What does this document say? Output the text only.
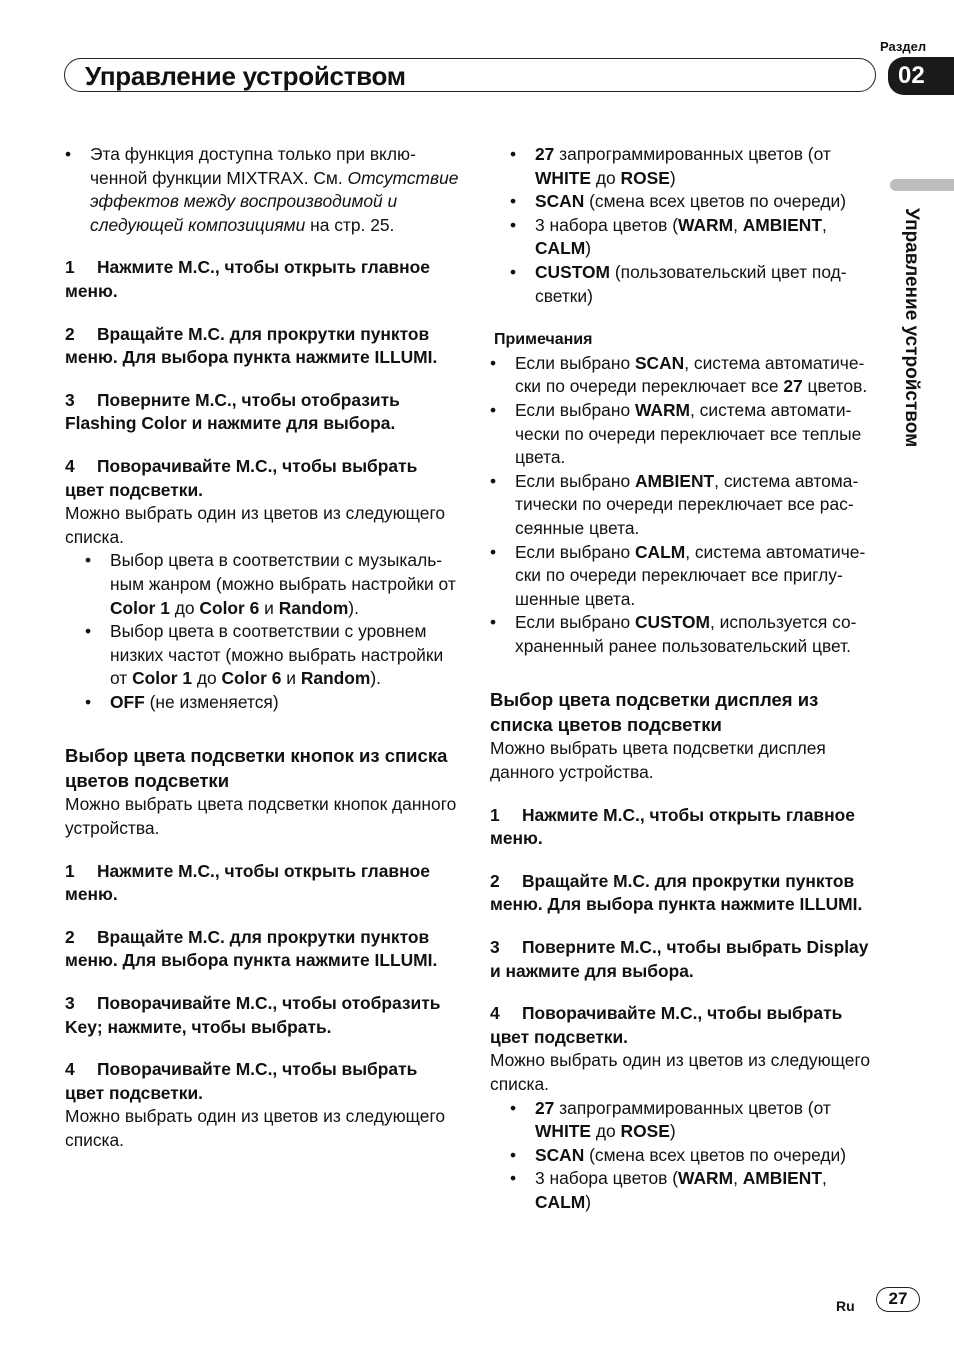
Раздел
Управление устройством	02
Управление устройством
• Эта функция доступна только при включенной функции MIXTRAX. См. Отсутствие эффектов между воспроизводимой и следующей композициями на стр. 25.

1 Нажмите M.C., чтобы открыть главное меню.

2 Вращайте M.C. для прокрутки пунктов меню. Для выбора пункта нажмите ILLUMI.

3 Поверните M.C., чтобы отобразить Flashing Color и нажмите для выбора.

4 Поворачивайте M.C., чтобы выбрать цвет подсветки.

Можно выбрать один из цветов из следующего списка.

• Выбор цвета в соответствии с музыкальным жанром (можно выбрать настройки от Color 1 до Color 6 и Random).
• Выбор цвета в соответствии с уровнем низких частот (можно выбрать настройки от Color 1 до Color 6 и Random).
• OFF (не изменяется)

Выбор цвета подсветки кнопок из списка цветов подсветки

Можно выбрать цвета подсветки кнопок данного устройства.

1 Нажмите M.C., чтобы открыть главное меню.

2 Вращайте M.C. для прокрутки пунктов меню. Для выбора пункта нажмите ILLUMI.

3 Поворачивайте M.C., чтобы отобразить Key; нажмите, чтобы выбрать.

4 Поворачивайте M.C., чтобы выбрать цвет подсветки.

Можно выбрать один из цветов из следующего списка.

• 27 запрограммированных цветов (от WHITE до ROSE)
• SCAN (смена всех цветов по очереди)
• 3 набора цветов (WARM, AMBIENT, CALM)
• CUSTOM (пользовательский цвет подсветки)

Примечания

• Если выбрано SCAN, система автоматически по очереди переключает все 27 цветов.
• Если выбрано WARM, система автоматически по очереди переключает все теплые цвета.
• Если выбрано AMBIENT, система автоматически по очереди переключает все рассеянные цвета.
• Если выбрано CALM, система автоматически по очереди переключает все приглушенные цвета.
• Если выбрано CUSTOM, используется сохраненный ранее пользовательский цвет.

Выбор цвета подсветки дисплея из списка цветов подсветки

Можно выбрать цвета подсветки дисплея данного устройства.

1 Нажмите M.C., чтобы открыть главное меню.

2 Вращайте M.C. для прокрутки пунктов меню. Для выбора пункта нажмите ILLUMI.

3 Поверните M.C., чтобы выбрать Display и нажмите для выбора.

4 Поворачивайте M.C., чтобы выбрать цвет подсветки.

Можно выбрать один из цветов из следующего списка.

• 27 запрограммированных цветов (от WHITE до ROSE)
• SCAN (смена всех цветов по очереди)
• 3 набора цветов (WARM, AMBIENT, CALM)
Ru	27
